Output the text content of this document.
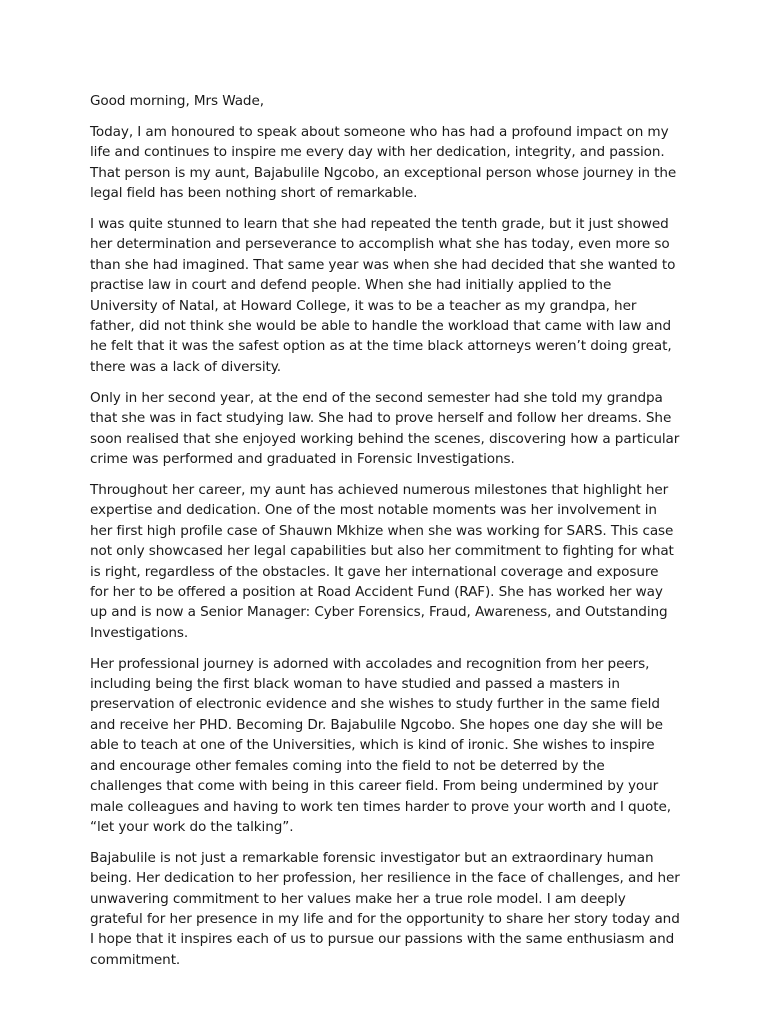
Good morning, Mrs Wade,

Today, I am honoured to speak about someone who has had a profound impact on my life and continues to inspire me every day with her dedication, integrity, and passion. That person is my aunt, Bajabulile Ngcobo, an exceptional person whose journey in the legal field has been nothing short of remarkable.

I was quite stunned to learn that she had repeated the tenth grade, but it just showed her determination and perseverance to accomplish what she has today, even more so than she had imagined. That same year was when she had decided that she wanted to practise law in court and defend people. When she had initially applied to the University of Natal, at Howard College, it was to be a teacher as my grandpa, her father, did not think she would be able to handle the workload that came with law and he felt that it was the safest option as at the time black attorneys weren’t doing great, there was a lack of diversity.

Only in her second year, at the end of the second semester had she told my grandpa that she was in fact studying law. She had to prove herself and follow her dreams. She soon realised that she enjoyed working behind the scenes, discovering how a particular crime was performed and graduated in Forensic Investigations.

Throughout her career, my aunt has achieved numerous milestones that highlight her expertise and dedication. One of the most notable moments was her involvement in her first high profile case of Shauwn Mkhize when she was working for SARS. This case not only showcased her legal capabilities but also her commitment to fighting for what is right, regardless of the obstacles. It gave her international coverage and exposure for her to be offered a position at Road Accident Fund (RAF). She has worked her way up and is now a Senior Manager: Cyber Forensics, Fraud, Awareness, and Outstanding Investigations.

Her professional journey is adorned with accolades and recognition from her peers, including being the first black woman to have studied and passed a masters in preservation of electronic evidence and she wishes to study further in the same field and receive her PHD. Becoming Dr. Bajabulile Ngcobo. She hopes one day she will be able to teach at one of the Universities, which is kind of ironic. She wishes to inspire and encourage other females coming into the field to not be deterred by the challenges that come with being in this career field. From being undermined by your male colleagues and having to work ten times harder to prove your worth and I quote, “let your work do the talking”.

Bajabulile is not just a remarkable forensic investigator but an extraordinary human being. Her dedication to her profession, her resilience in the face of challenges, and her unwavering commitment to her values make her a true role model. I am deeply grateful for her presence in my life and for the opportunity to share her story today and I hope that it inspires each of us to pursue our passions with the same enthusiasm and commitment.
